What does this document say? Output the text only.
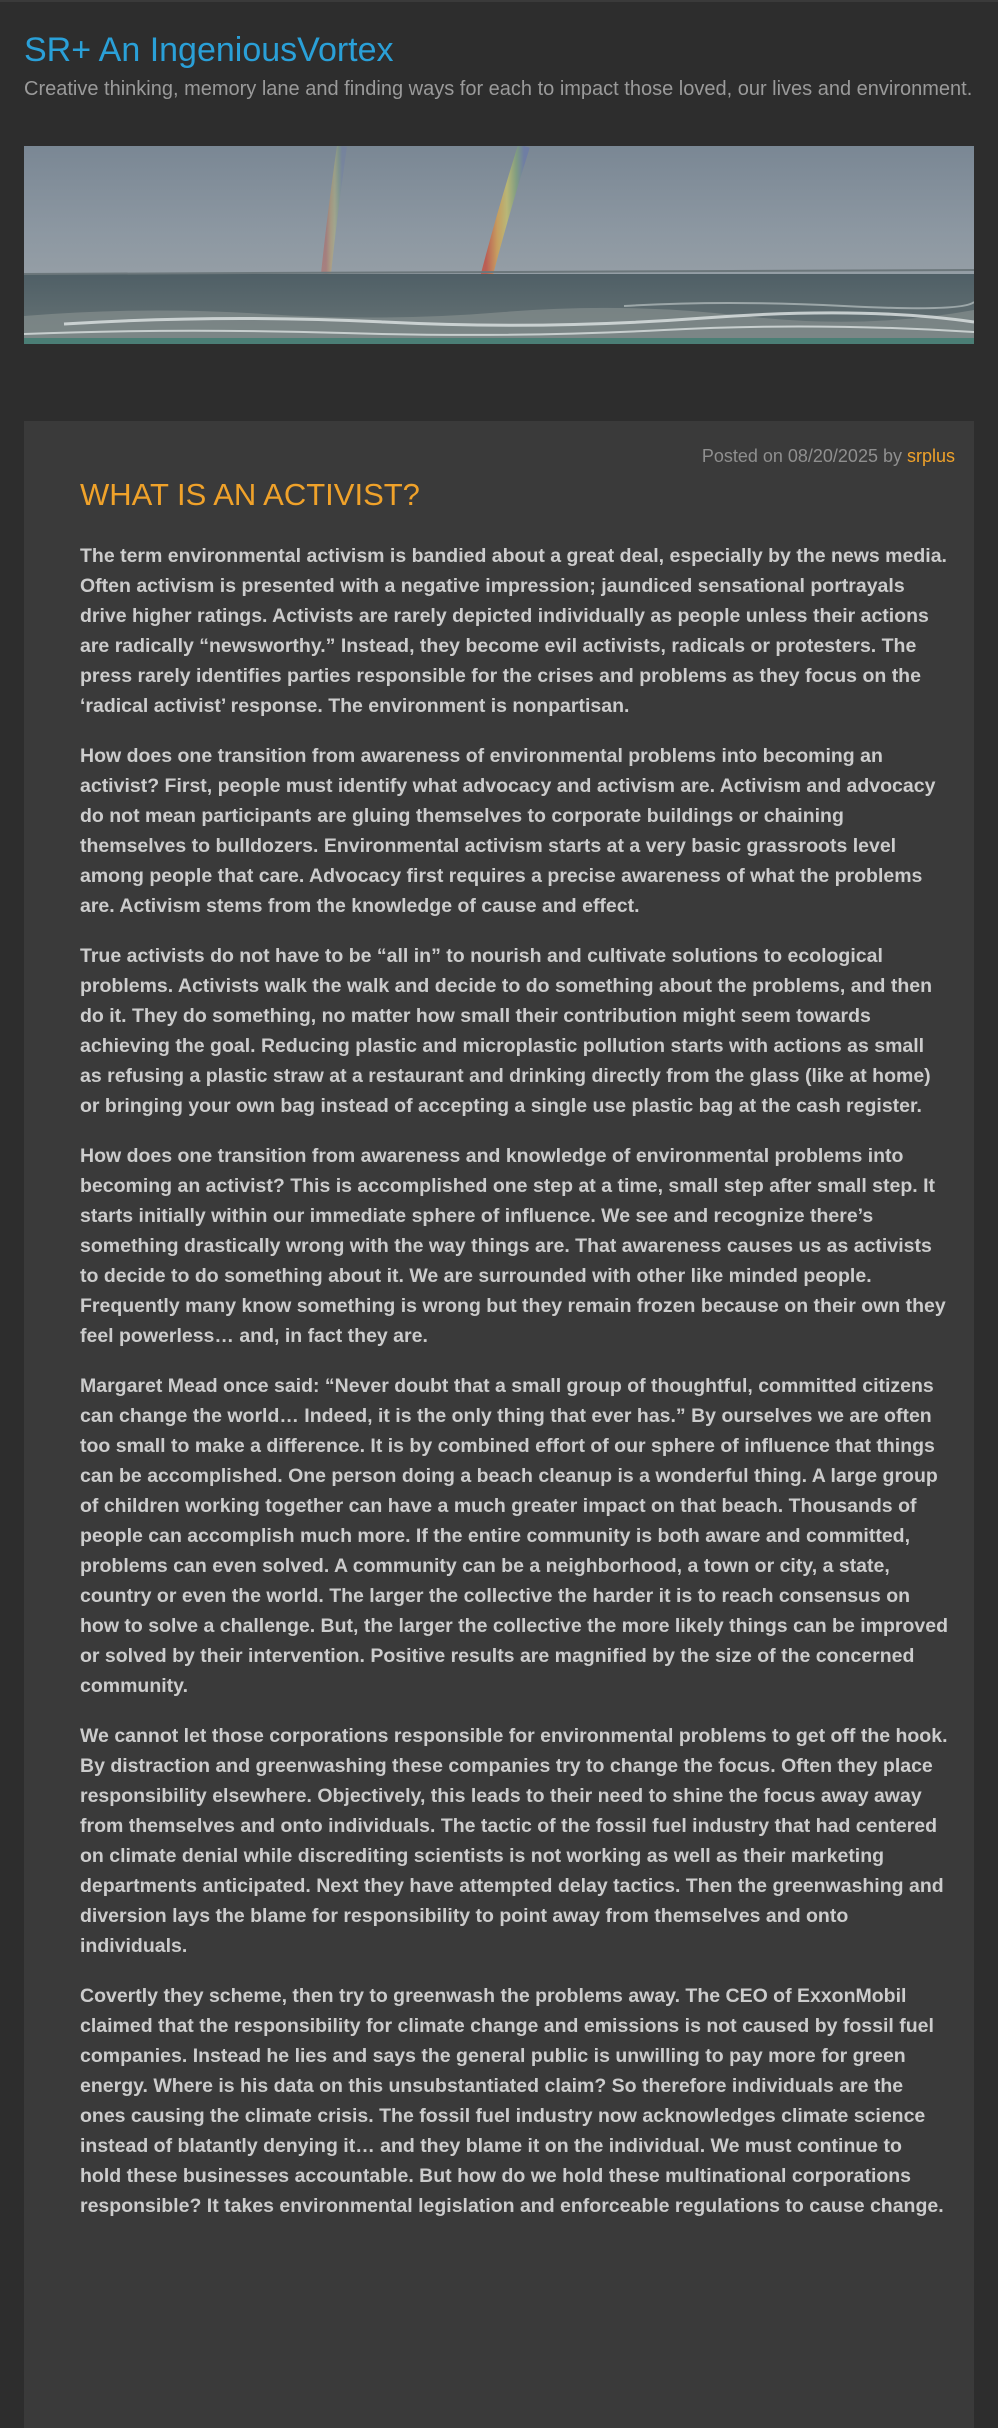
SR+ An IngeniousVortex

Creative thinking, memory lane and finding ways for each to impact those loved, our lives and environment.

Posted on 08/20/2025 by srplus
WHAT IS AN ACTIVIST?

The term environmental activism is bandied about a great deal, especially by the news media. Often activism is presented with a negative impression; jaundiced sensational portrayals drive higher ratings. Activists are rarely depicted individually as people unless their actions are radically “newsworthy.” Instead, they become evil activists, radicals or protesters. The press rarely identifies parties responsible for the crises and problems as they focus on the ‘radical activist’ response. The environment is nonpartisan.

How does one transition from awareness of environmental problems into becoming an activist? First, people must identify what advocacy and activism are. Activism and advocacy do not mean participants are gluing themselves to corporate buildings or chaining themselves to bulldozers. Environmental activism starts at a very basic grassroots level among people that care. Advocacy first requires a precise awareness of what the problems are. Activism stems from the knowledge of cause and effect.

True activists do not have to be “all in” to nourish and cultivate solutions to ecological problems. Activists walk the walk and decide to do something about the problems, and then do it. They do something, no matter how small their contribution might seem towards achieving the goal. Reducing plastic and microplastic pollution starts with actions as small as refusing a plastic straw at a restaurant and drinking directly from the glass (like at home) or bringing your own bag instead of accepting a single use plastic bag at the cash register.

How does one transition from awareness and knowledge of environmental problems into becoming an activist? This is accomplished one step at a time, small step after small step. It starts initially within our immediate sphere of influence. We see and recognize there’s something drastically wrong with the way things are. That awareness causes us as activists to decide to do something about it. We are surrounded with other like minded people. Frequently many know something is wrong but they remain frozen because on their own they feel powerless… and, in fact they are.

Margaret Mead once said: “Never doubt that a small group of thoughtful, committed citizens can change the world… Indeed, it is the only thing that ever has.” By ourselves we are often too small to make a difference. It is by combined effort of our sphere of influence that things can be accomplished. One person doing a beach cleanup is a wonderful thing. A large group of children working together can have a much greater impact on that beach. Thousands of people can accomplish much more. If the entire community is both aware and committed, problems can even solved. A community can be a neighborhood, a town or city, a state, country or even the world. The larger the collective the harder it is to reach consensus on how to solve a challenge. But, the larger the collective the more likely things can be improved or solved by their intervention. Positive results are magnified by the size of the concerned community.

We cannot let those corporations responsible for environmental problems to get off the hook. By distraction and greenwashing these companies try to change the focus. Often they place responsibility elsewhere. Objectively, this leads to their need to shine the focus away away from themselves and onto individuals. The tactic of the fossil fuel industry that had centered on climate denial while discrediting scientists is not working as well as their marketing departments anticipated. Next they have attempted delay tactics. Then the greenwashing and diversion lays the blame for responsibility to point away from themselves and onto individuals.

Covertly they scheme, then try to greenwash the problems away. The CEO of ExxonMobil claimed that the responsibility for climate change and emissions is not caused by fossil fuel companies. Instead he lies and says the general public is unwilling to pay more for green energy. Where is his data on this unsubstantiated claim? So therefore individuals are the ones causing the climate crisis. The fossil fuel industry now acknowledges climate science instead of blatantly denying it… and they blame it on the individual. We must continue to hold these businesses accountable. But how do we hold these multinational corporations responsible? It takes environmental legislation and enforceable regulations to cause change.
